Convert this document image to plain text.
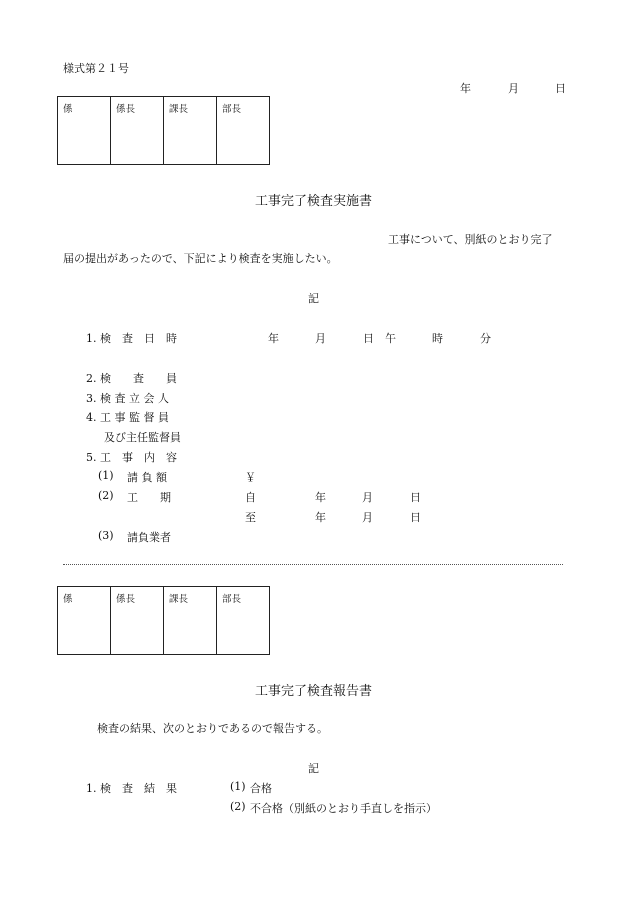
様式第２１号
年	月	日
係	係長	課長	部長
工事完了検査実施書
工事について、別紙のとおり完了
届の提出があったので、下記により検査を実施したい。
記
1. 検　査　日　時	年	月	日 午	時	分
2. 検　　査　　員
3. 検 査 立 会 人
4. 工 事 監 督 員
及び主任監督員
5. 工　事　内　容
(1) 請 負 額	￥
(2) 工　　期	自	年	月	日
至	年	月	日
(3) 請負業者
係	係長	課長	部長
工事完了検査報告書
検査の結果、次のとおりであるので報告する。
記
1. 検　査　結　果	(1) 合格
(2) 不合格（別紙のとおり手直しを指示）
